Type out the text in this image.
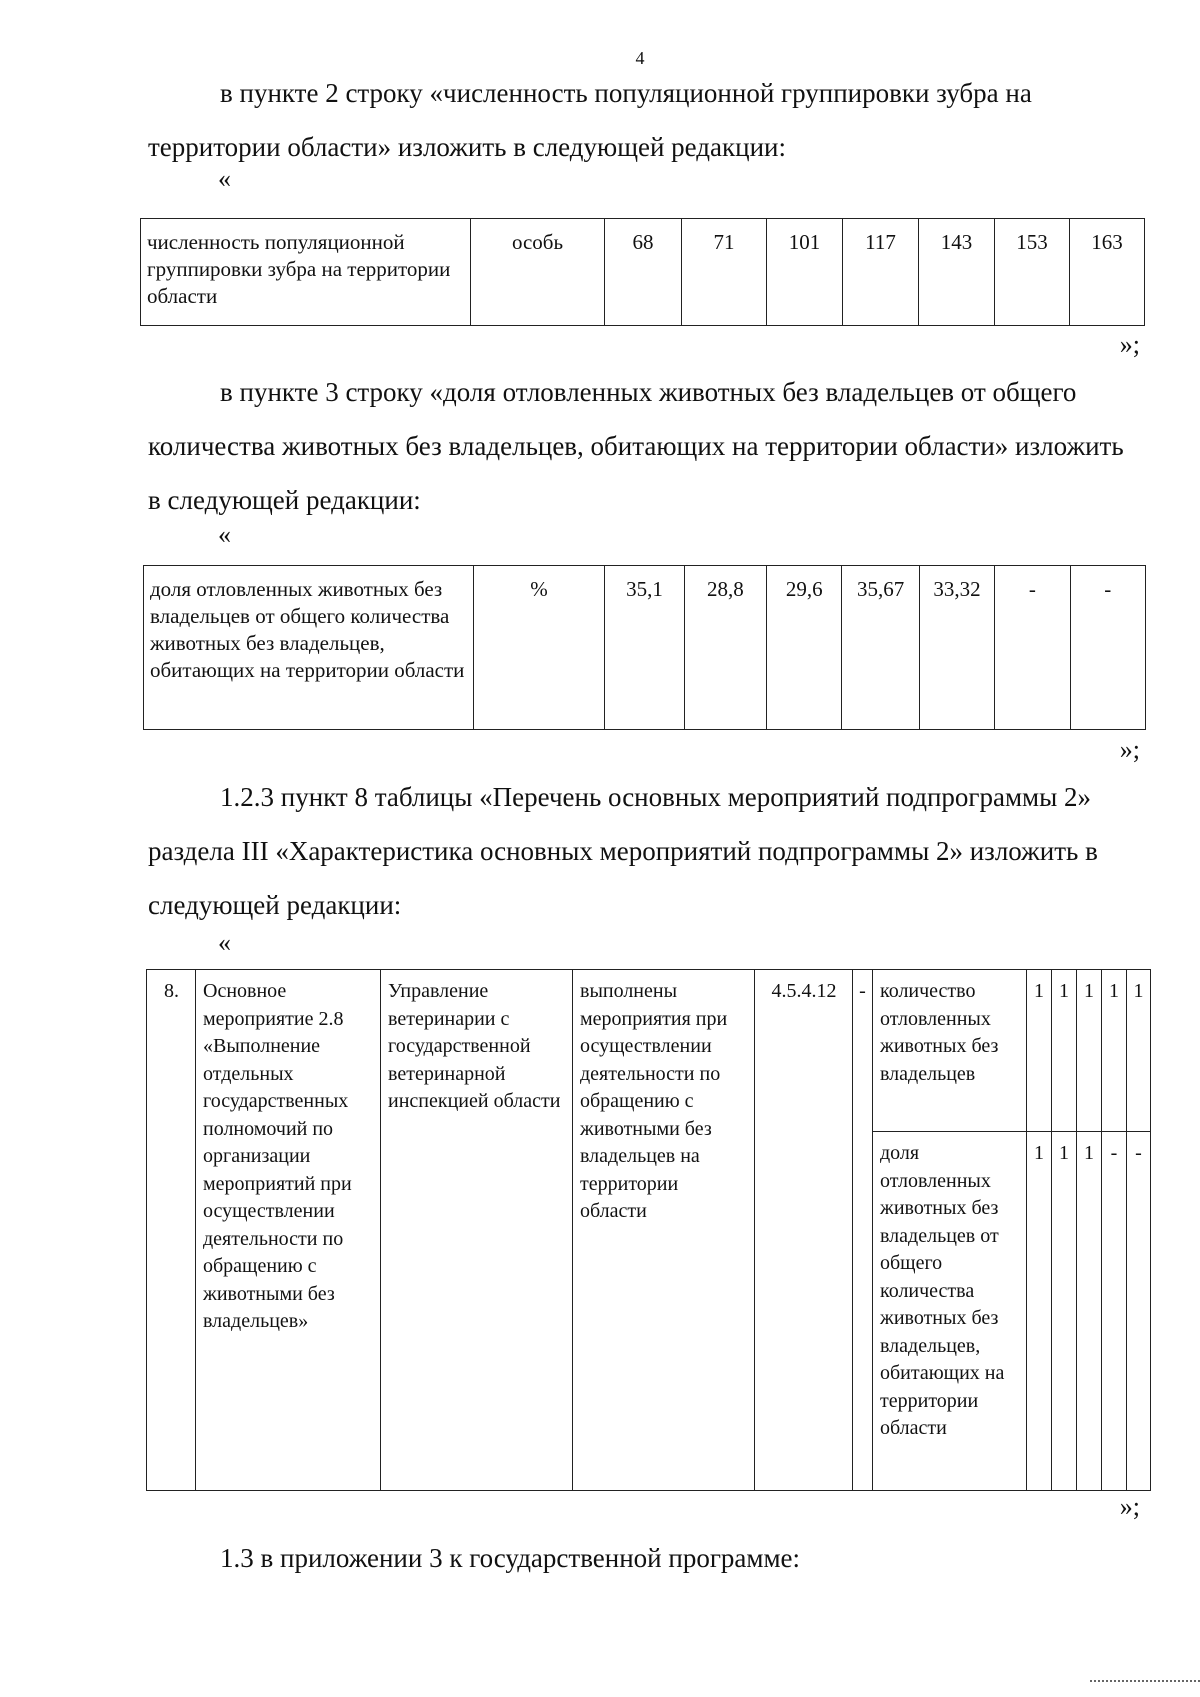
4

в пункте 2 строку «численность популяционной группировки зубра на территории области» изложить в следующей редакции:

«
численность популяционной группировки зубра на территории области	особь	68	71	101	117	143	153	163
»;

в пункте 3 строку «доля отловленных животных без владельцев от общего количества животных без владельцев, обитающих на территории области» изложить в следующей редакции:

«
доля отловленных животных без владельцев от общего количества животных без владельцев, обитающих на территории области	%	35,1	28,8	29,6	35,67	33,32	-	-
»;

1.2.3 пункт 8 таблицы «Перечень основных мероприятий подпрограммы 2» раздела III «Характеристика основных мероприятий подпрограммы 2» изложить в следующей редакции:

«
8.	Основное мероприятие 2.8 «Выполнение отдельных государственных полномочий по организации мероприятий при осуществлении деятельности по обращению с животными без владельцев»	Управление ветеринарии с государственной ветеринарной инспекцией области	выполнены мероприятия при осуществлении деятельности по обращению с животными без владельцев на территории области	4.5.4.12	-	количество отловленных животных без владельцев	1	1	1	1	1
						доля отловленных животных без владельцев от общего количества животных без владельцев, обитающих на территории области	1	1	1	-	-
»;

1.3 в приложении 3 к государственной программе:
